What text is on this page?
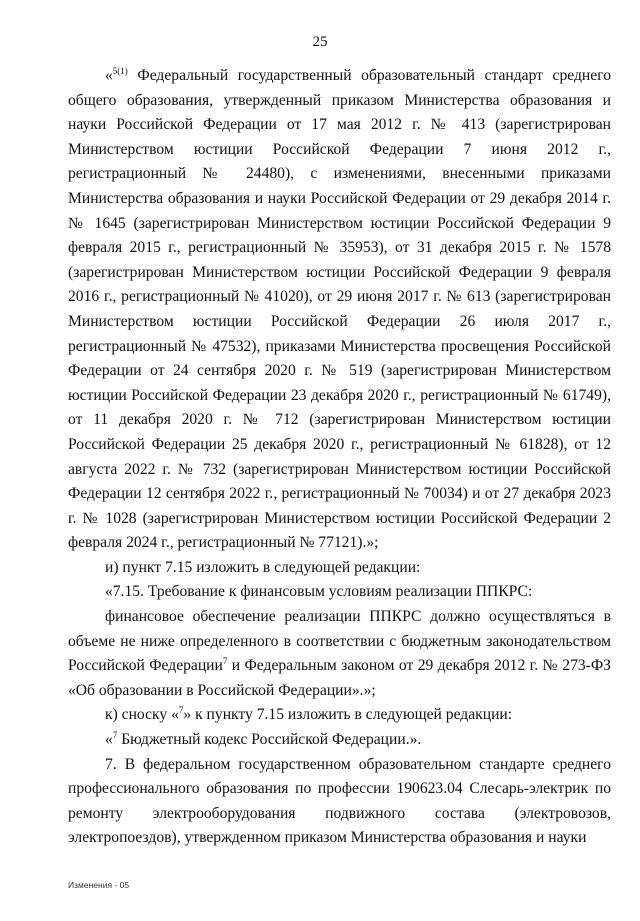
25

«$^{5(1)}$ Федеральный государственный образовательный стандарт среднего общего образования, утвержденный приказом Министерства образования и науки Российской Федерации от 17 мая 2012 г. № 413 (зарегистрирован Министерством юстиции Российской Федерации 7 июня 2012 г., регистрационный № 24480), с изменениями, внесенными приказами Министерства образования и науки Российской Федерации от 29 декабря 2014 г. № 1645 (зарегистрирован Министерством юстиции Российской Федерации 9 февраля 2015 г., регистрационный № 35953), от 31 декабря 2015 г. № 1578 (зарегистрирован Министерством юстиции Российской Федерации 9 февраля 2016 г., регистрационный № 41020), от 29 июня 2017 г. № 613 (зарегистрирован Министерством юстиции Российской Федерации 26 июля 2017 г., регистрационный № 47532), приказами Министерства просвещения Российской Федерации от 24 сентября 2020 г. № 519 (зарегистрирован Министерством юстиции Российской Федерации 23 декабря 2020 г., регистрационный № 61749), от 11 декабря 2020 г. № 712 (зарегистрирован Министерством юстиции Российской Федерации 25 декабря 2020 г., регистрационный № 61828), от 12 августа 2022 г. № 732 (зарегистрирован Министерством юстиции Российской Федерации 12 сентября 2022 г., регистрационный № 70034) и от 27 декабря 2023 г. № 1028 (зарегистрирован Министерством юстиции Российской Федерации 2 февраля 2024 г., регистрационный № 77121).»;

и) пункт 7.15 изложить в следующей редакции:

«7.15. Требование к финансовым условиям реализации ППКРС:

финансовое обеспечение реализации ППКРС должно осуществляться в объеме не ниже определенного в соответствии с бюджетным законодательством Российской Федерации$^7$ и Федеральным законом от 29 декабря 2012 г. № 273-ФЗ «Об образовании в Российской Федерации».»;

к) сноску «$^7$» к пункту 7.15 изложить в следующей редакции:

«$^7$ Бюджетный кодекс Российской Федерации.».

7. В федеральном государственном образовательном стандарте среднего профессионального образования по профессии 190623.04 Слесарь-электрик по ремонту электрооборудования подвижного состава (электровозов, электропоездов), утвержденном приказом Министерства образования и науки

Изменения - 05
